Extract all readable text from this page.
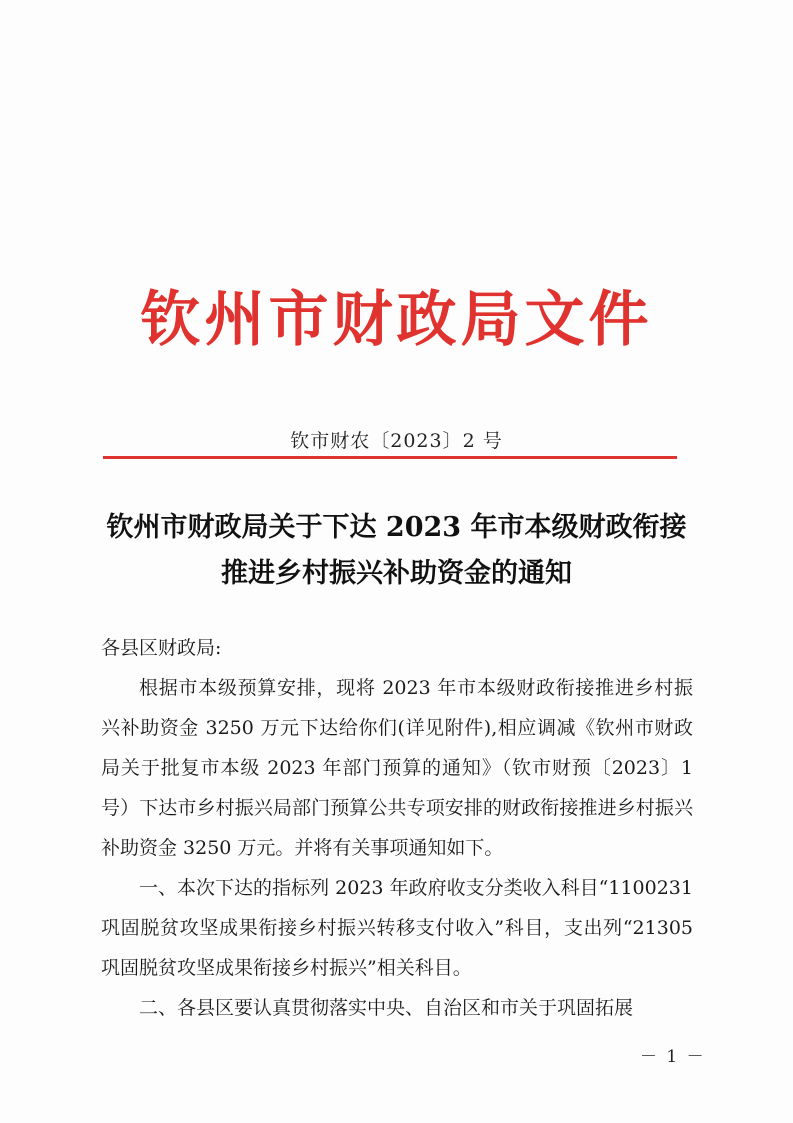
钦州市财政局文件
钦市财农〔2023〕2 号
钦州市财政局关于下达 2023 年市本级财政衔接
推进乡村振兴补助资金的通知

各县区财政局:

根据市本级预算安排，现将 2023 年市本级财政衔接推进乡村振兴补助资金 3250 万元下达给你们(详见附件),相应调减《钦州市财政局关于批复市本级 2023 年部门预算的通知》（钦市财预〔2023〕1 号）下达市乡村振兴局部门预算公共专项安排的财政衔接推进乡村振兴补助资金 3250 万元。并将有关事项通知如下。

一、本次下达的指标列 2023 年政府收支分类收入科目“1100231 巩固脱贫攻坚成果衔接乡村振兴转移支付收入”科目，支出列“21305 巩固脱贫攻坚成果衔接乡村振兴”相关科目。

二、各县区要认真贯彻落实中央、自治区和市关于巩固拓展

－ 1 －
